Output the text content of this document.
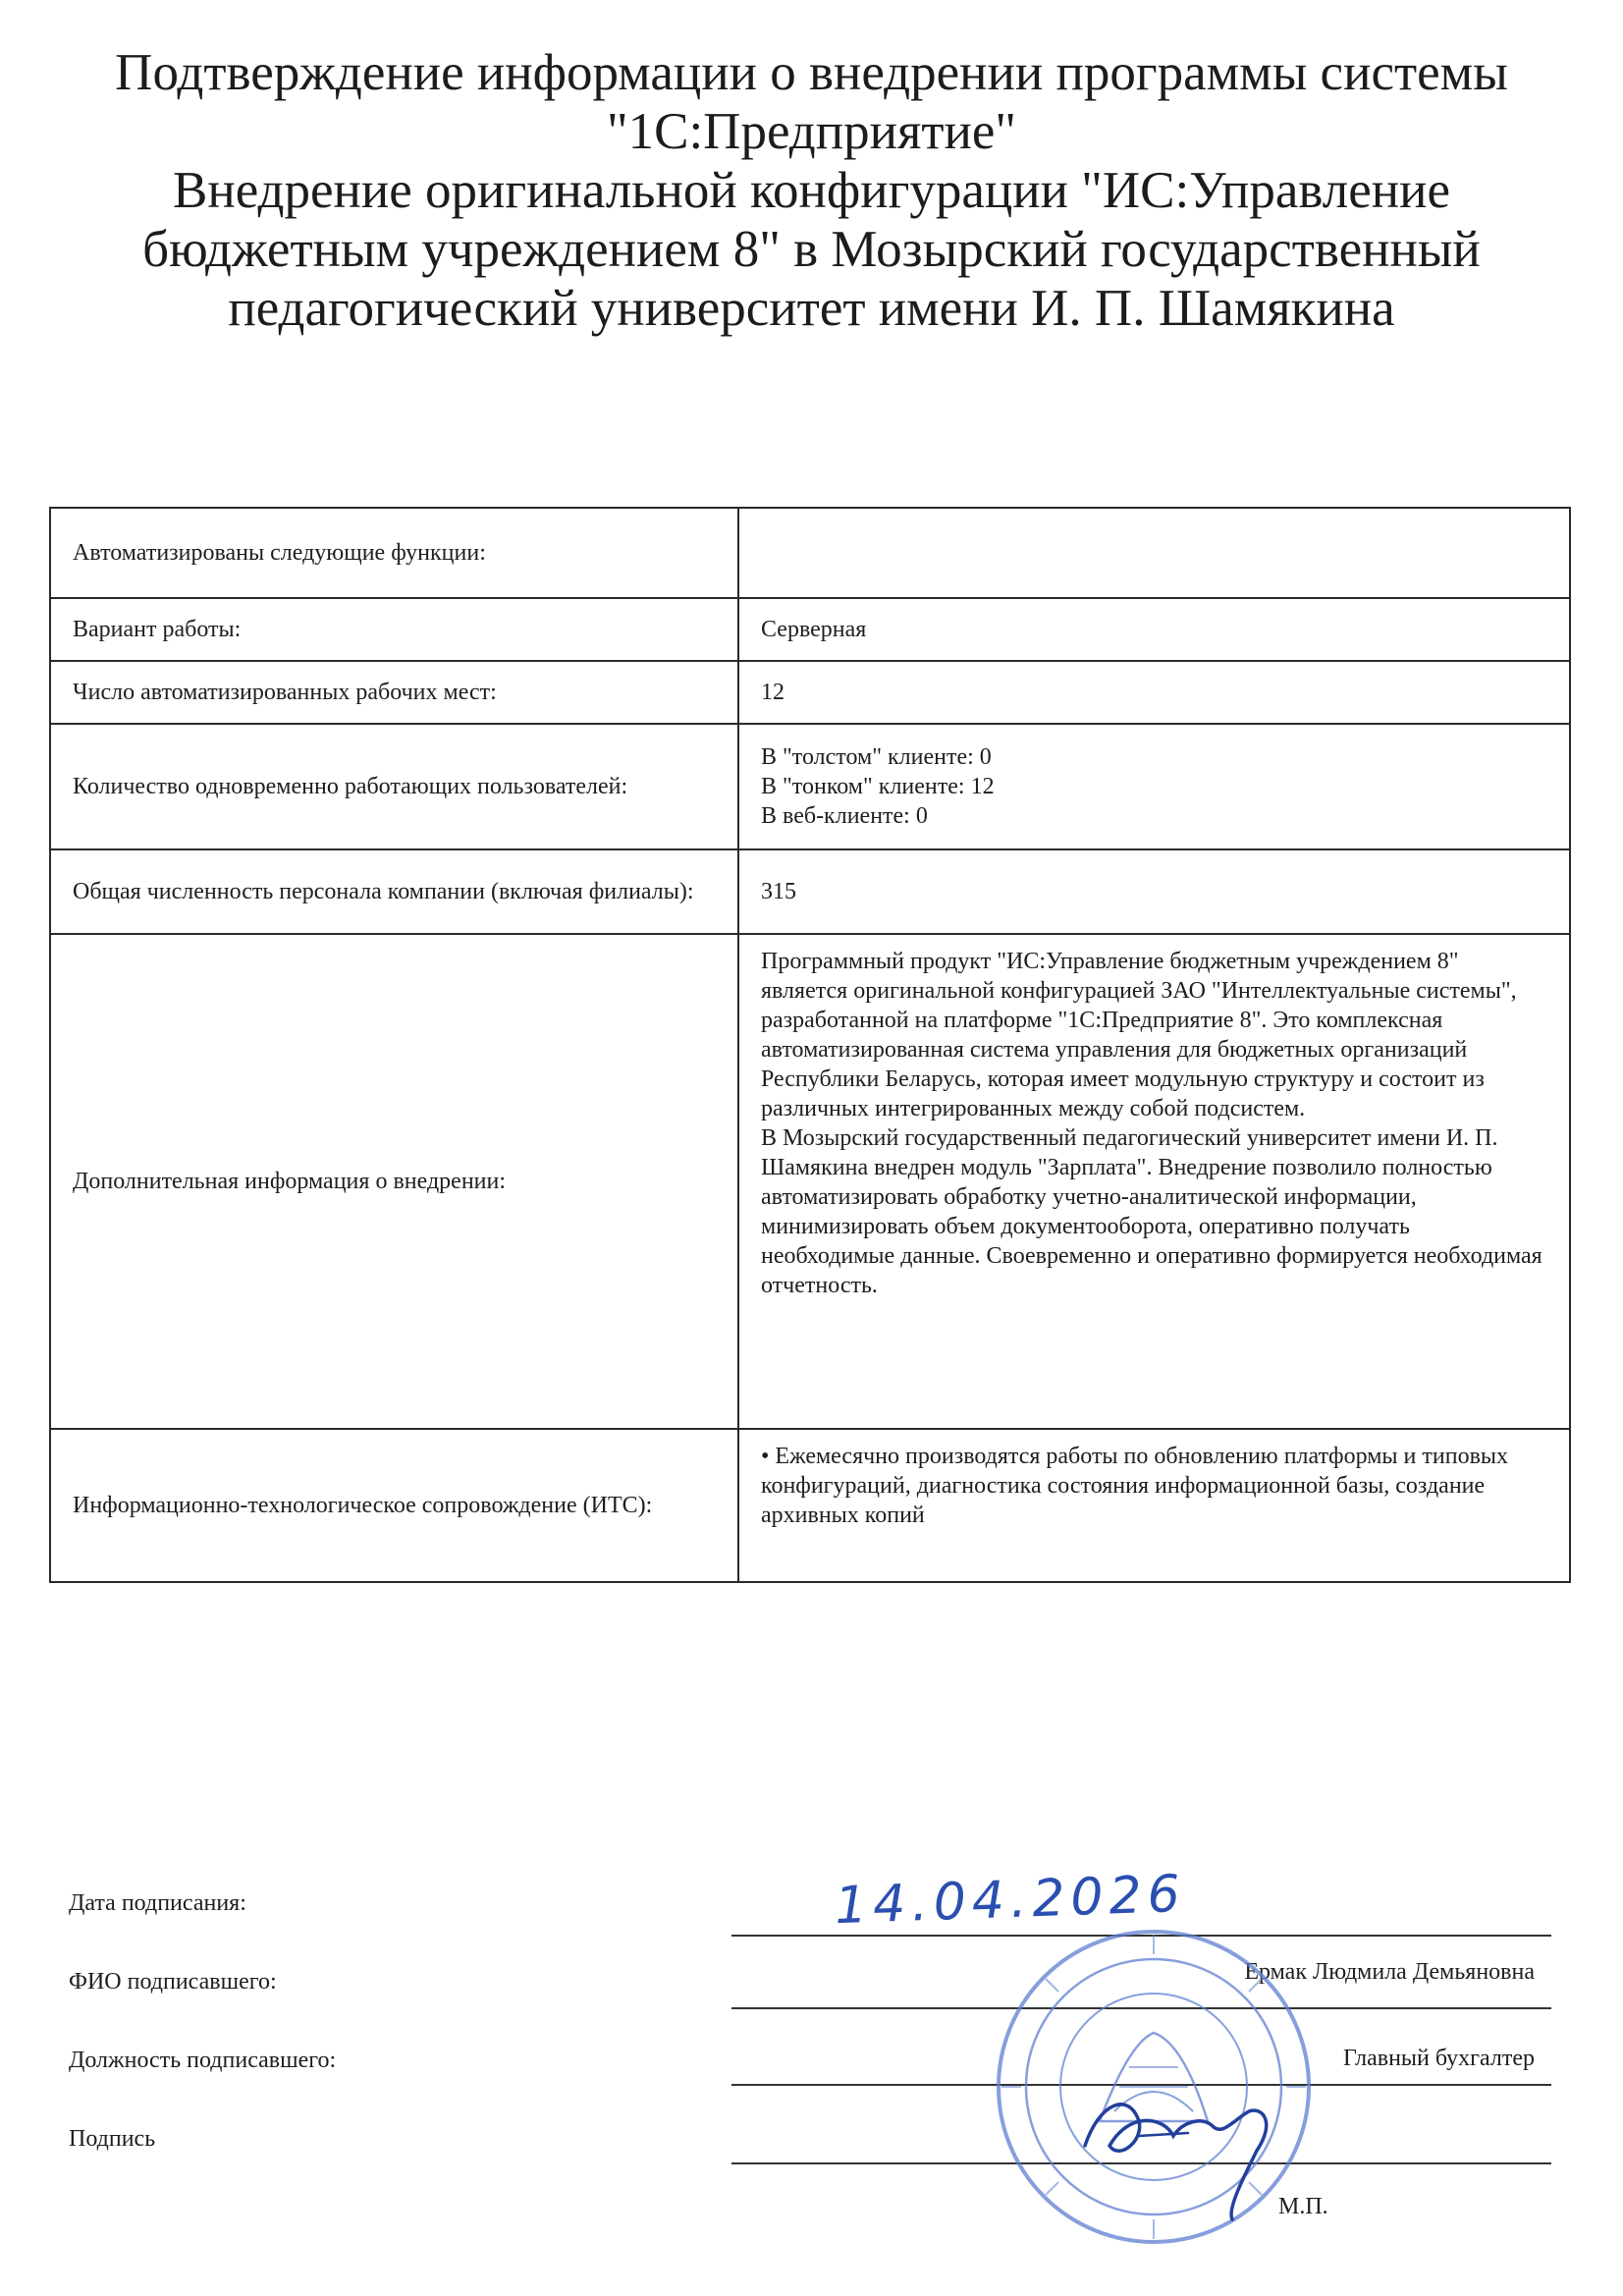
Подтверждение информации о внедрении программы системы
"1С:Предприятие"
Внедрение оригинальной конфигурации "ИС:Управление
бюджетным учреждением 8" в Мозырский государственный
педагогический университет имени И. П. Шамякина
Автоматизированы следующие функции:	
Вариант работы:	Серверная
Число автоматизированных рабочих мест:	12
Количество одновременно работающих пользователей:	В "толстом" клиенте: 0
В "тонком" клиенте: 12
В веб-клиенте: 0

Общая численность персонала компании (включая филиалы):	315
Дополнительная информация о внедрении:	Программный продукт "ИС:Управление бюджетным учреждением 8" является оригинальной конфигурацией ЗАО "Интеллектуальные системы", разработанной на платформе "1С:Предприятие 8". Это комплексная автоматизированная система управления для бюджетных организаций Республики Беларусь, которая имеет модульную структуру и состоит из различных интегрированных между собой подсистем.
В Мозырский государственный педагогический университет имени И. П. Шамякина внедрен модуль "Зарплата". Внедрение позволило полностью автоматизировать обработку учетно-аналитической информации, минимизировать объем документооборота, оперативно получать необходимые данные. Своевременно и оперативно формируется необходимая отчетность.

Информационно-технологическое сопровождение (ИТС):	• Ежемесячно производятся работы по обновлению платформы и типовых конфигураций, диагностика состояния информационной базы, создание архивных копий
Дата подписания:	14.04.2026
ФИО подписавшего:	Ермак Людмила Демьяновна
Должность подписавшего:	Главный бухгалтер
Подпись
М.П.
